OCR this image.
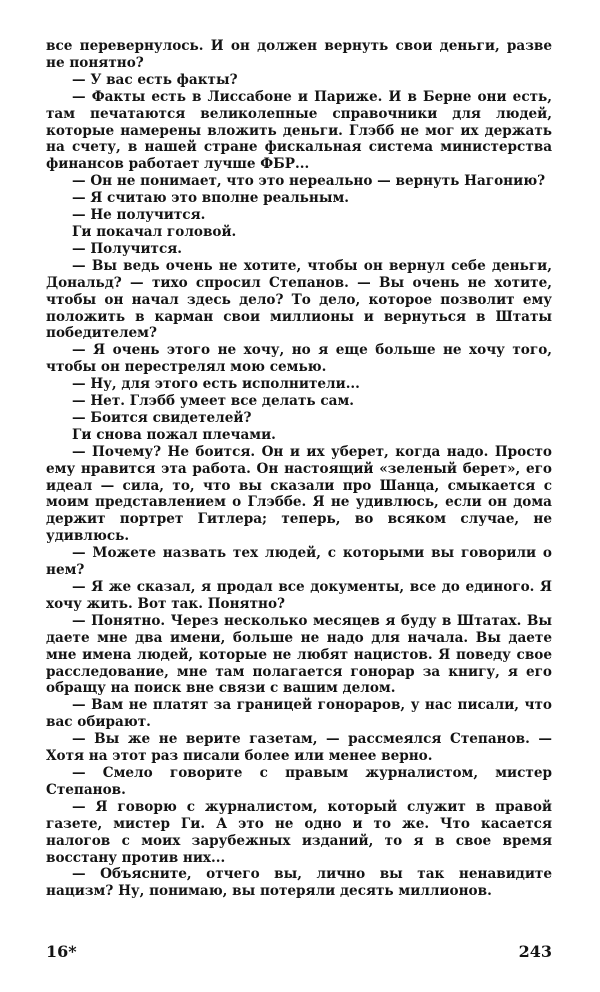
все перевернулось. И он должен вернуть свои деньги, разве не понятно?

— У вас есть факты?

— Факты есть в Лиссабоне и Париже. И в Берне они есть, там печатаются великолепные справочники для людей, которые намерены вложить деньги. Глэбб не мог их держать на счету, в нашей стране фискальная система министерства финансов работает лучше ФБР...

— Он не понимает, что это нереально — вернуть Нагонию?

— Я считаю это вполне реальным.

— Не получится.

Ги покачал головой.

— Получится.

— Вы ведь очень не хотите, чтобы он вернул себе деньги, Дональд? — тихо спросил Степанов. — Вы очень не хотите, чтобы он начал здесь дело? То дело, которое позволит ему положить в карман свои миллионы и вернуться в Штаты победителем?

— Я очень этого не хочу, но я еще больше не хочу того, чтобы он перестрелял мою семью.

— Ну, для этого есть исполнители...

— Нет. Глэбб умеет все делать сам.

— Боится свидетелей?

Ги снова пожал плечами.

— Почему? Не боится. Он и их уберет, когда надо. Просто ему нравится эта работа. Он настоящий «зеленый берет», его идеал — сила, то, что вы сказали про Шанца, смыкается с моим представлением о Глэббе. Я не удивлюсь, если он дома держит портрет Гитлера; теперь, во всяком случае, не удивлюсь.

— Можете назвать тех людей, с которыми вы говорили о нем?

— Я же сказал, я продал все документы, все до единого. Я хочу жить. Вот так. Понятно?

— Понятно. Через несколько месяцев я буду в Штатах. Вы даете мне два имени, больше не надо для начала. Вы даете мне имена людей, которые не любят нацистов. Я поведу свое расследование, мне там полагается гонорар за книгу, я его обращу на поиск вне связи с вашим делом.

— Вам не платят за границей гонораров, у нас писали, что вас обирают.

— Вы же не верите газетам, — рассмеялся Степанов. — Хотя на этот раз писали более или менее верно.

— Смело говорите с правым журналистом, мистер Степанов.

— Я говорю с журналистом, который служит в правой газете, мистер Ги. А это не одно и то же. Что касается налогов с моих зарубежных изданий, то я в свое время восстану против них...

— Объясните, отчего вы, лично вы так ненавидите нацизм? Ну, понимаю, вы потеряли десять миллионов.

16*	243
